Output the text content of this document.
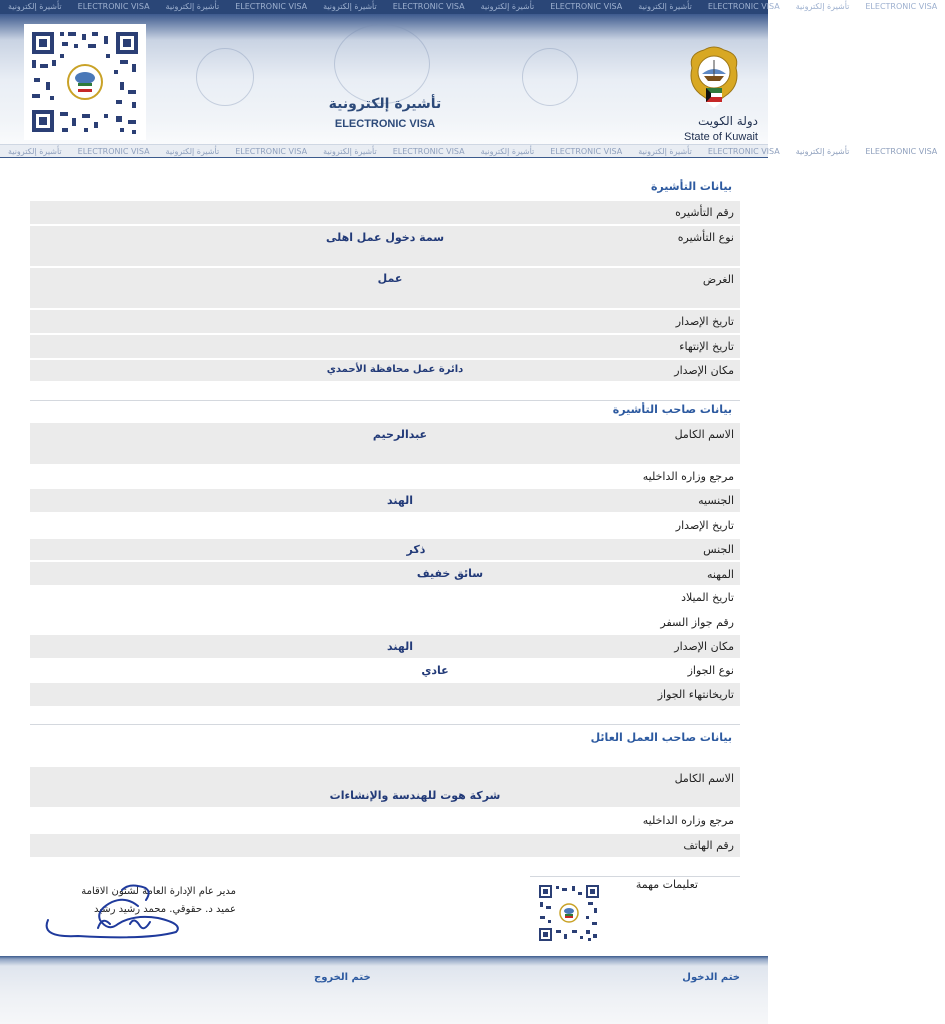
تأشيرة إلكترونية ELECTRONIC VISA تأشيرة إلكترونية ELECTRONIC VISA تأشيرة إلكترونية ELECTRONIC VISA تأشيرة إلكترونية ELECTRONIC VISA تأشيرة إلكترونية ELECTRONIC VISA تأشيرة إلكترونية ELECTRONIC VISA
تأشيرة إلكترونية
ELECTRONIC VISA	دولة الكويت
State of Kuwait
تأشيرة إلكترونية ELECTRONIC VISA تأشيرة إلكترونية ELECTRONIC VISA تأشيرة إلكترونية ELECTRONIC VISA تأشيرة إلكترونية ELECTRONIC VISA تأشيرة إلكترونية ELECTRONIC VISA تأشيرة إلكترونية ELECTRONIC VISA
بيانات التأشيرة
رقم التأشيره
نوع التأشيره
سمة دخول عمل اهلى
الغرض
عمل
تاريخ الإصدار
تاريخ الإنتهاء
مكان الإصدار
دائرة عمل محافظة الأحمدي
بيانات صاحب التأشيرة
الاسم الكامل
عبدالرحيم
مرجع وزاره الداخليه
الجنسيه
الهند
تاريخ الإصدار
الجنس
ذكر
المهنه
سائق خفيف
تاريخ الميلاد
رقم جواز السفر
مكان الإصدار
الهند
نوع الجواز
عادي
تاريخانتهاء الجواز
بيانات صاحب العمل العائل
الاسم الكامل
شركة هوت للهندسة والإنشاءات
مرجع وزاره الداخليه
رقم الهاتف
مدير عام الإدارة العامة لشئون الاقامة
عميد د. حقوقي. محمد رشيد رشيد
تعليمات مهمة
ختم الدخول
ختم الخروج
